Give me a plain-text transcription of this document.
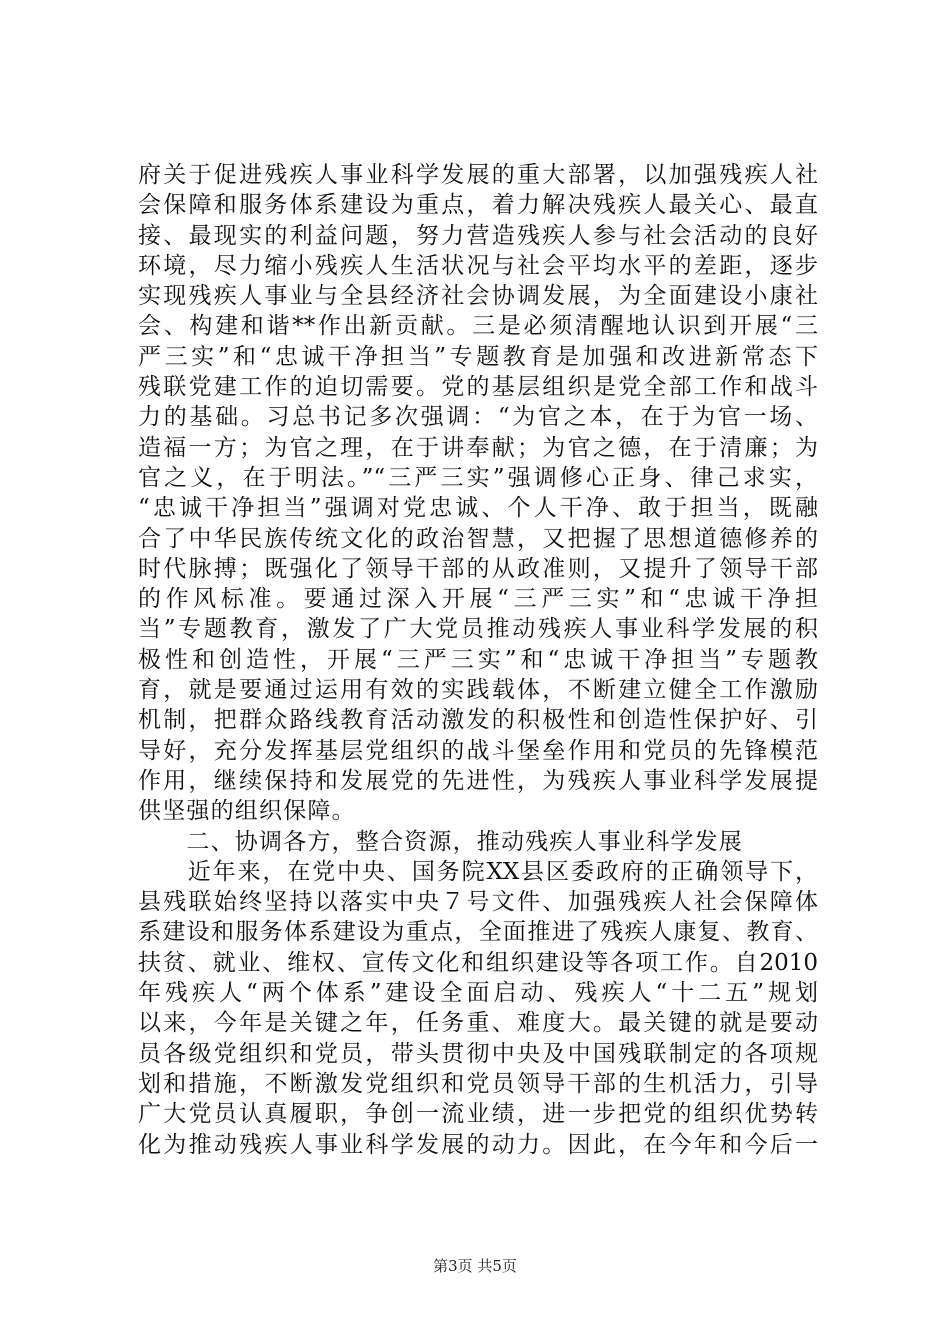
府关于促进残疾人事业科学发展的重大部署，以加强残疾人社
会保障和服务体系建设为重点，着力解决残疾人最关心、最直
接、最现实的利益问题，努力营造残疾人参与社会活动的良好
环境，尽力缩小残疾人生活状况与社会平均水平的差距，逐步
实现残疾人事业与全县经济社会协调发展，为全面建设小康社
会、构建和谐**作出新贡献。三是必须清醒地认识到开展“三
严三实”和“忠诚干净担当”专题教育是加强和改进新常态下
残联党建工作的迫切需要。党的基层组织是党全部工作和战斗
力的基础。习总书记多次强调：“为官之本，在于为官一场、
造福一方；为官之理，在于讲奉献；为官之德，在于清廉；为
官之义，在于明法。”“三严三实”强调修心正身、律己求实，
“忠诚干净担当”强调对党忠诚、个人干净、敢于担当，既融
合了中华民族传统文化的政治智慧，又把握了思想道德修养的
时代脉搏；既强化了领导干部的从政准则，又提升了领导干部
的作风标准。要通过深入开展“三严三实”和“忠诚干净担
当”专题教育，激发了广大党员推动残疾人事业科学发展的积
极性和创造性，开展“三严三实”和“忠诚干净担当”专题教
育，就是要通过运用有效的实践载体，不断建立健全工作激励
机制，把群众路线教育活动激发的积极性和创造性保护好、引
导好，充分发挥基层党组织的战斗堡垒作用和党员的先锋模范
作用，继续保持和发展党的先进性，为残疾人事业科学发展提
供坚强的组织保障。
　　二、协调各方，整合资源，推动残疾人事业科学发展
　　近年来，在党中央、国务院XX县区委政府的正确领导下，
县残联始终坚持以落实中央７号文件、加强残疾人社会保障体
系建设和服务体系建设为重点，全面推进了残疾人康复、教育、
扶贫、就业、维权、宣传文化和组织建设等各项工作。自2010
年残疾人“两个体系”建设全面启动、残疾人“十二五”规划
以来，今年是关键之年，任务重、难度大。最关键的就是要动
员各级党组织和党员，带头贯彻中央及中国残联制定的各项规
划和措施，不断激发党组织和党员领导干部的生机活力，引导
广大党员认真履职，争创一流业绩，进一步把党的组织优势转
化为推动残疾人事业科学发展的动力。因此，在今年和今后一
第3页 共5页
